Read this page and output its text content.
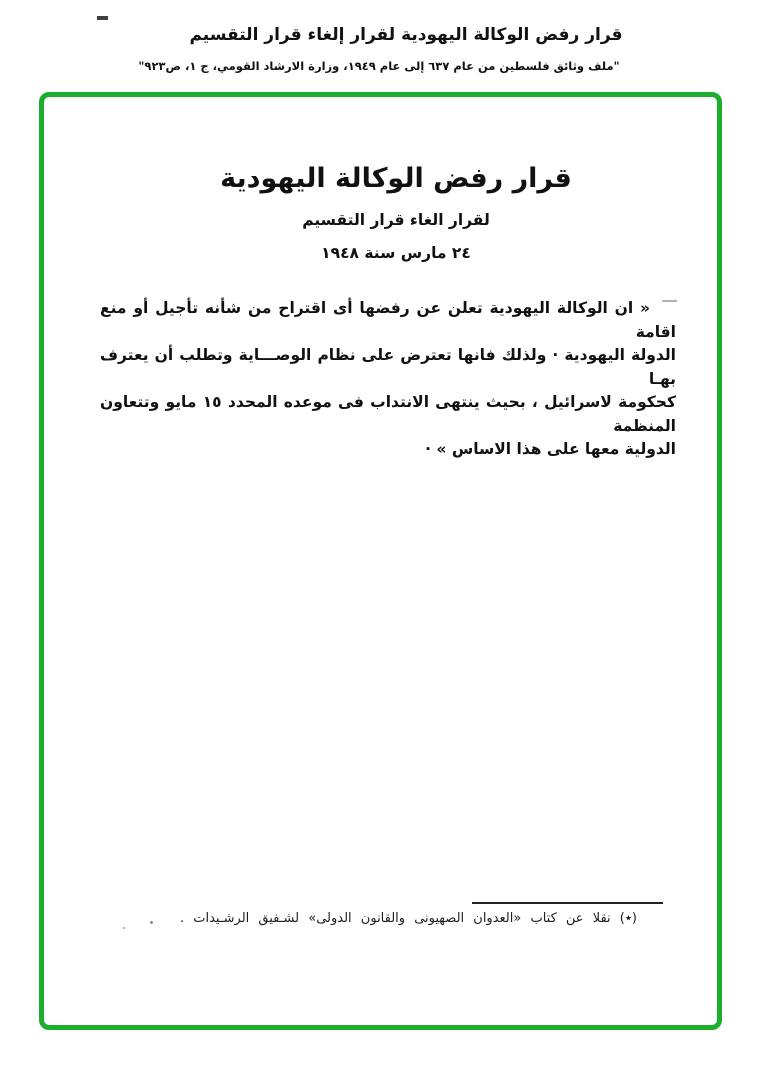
قرار رفض الوكالة اليهودية لقرار إلغاء قرار التقسيم
"ملف وثائق فلسطين من عام ٦٣٧ إلى عام ١٩٤٩، وزارة الارشاد القومي، ج ١، ص٩٢٣"
قرار رفض الوكالة اليهودية
لقرار الغاء قرار التقسيم
٢٤ مارس سنة ١٩٤٨
« ان الوكالة اليهودية تعلن عن رفضها أى اقتراح من شأنه تأجيل أو منع اقامة
الدولة اليهودية · ولذلك فانها تعترض على نظام الوصـــاية وتطلب أن يعترف بهـا
كحكومة لاسرائيل ، بحيث ينتهى الانتداب فى موعده المحدد ١٥ مايو وتتعاون المنظمة
الدولية معها على هذا الاساس » ·
(٭) نقلا عن كتاب «العدوان الصهيونى والقانون الدولى» لشـفيق الرشـيدات .
